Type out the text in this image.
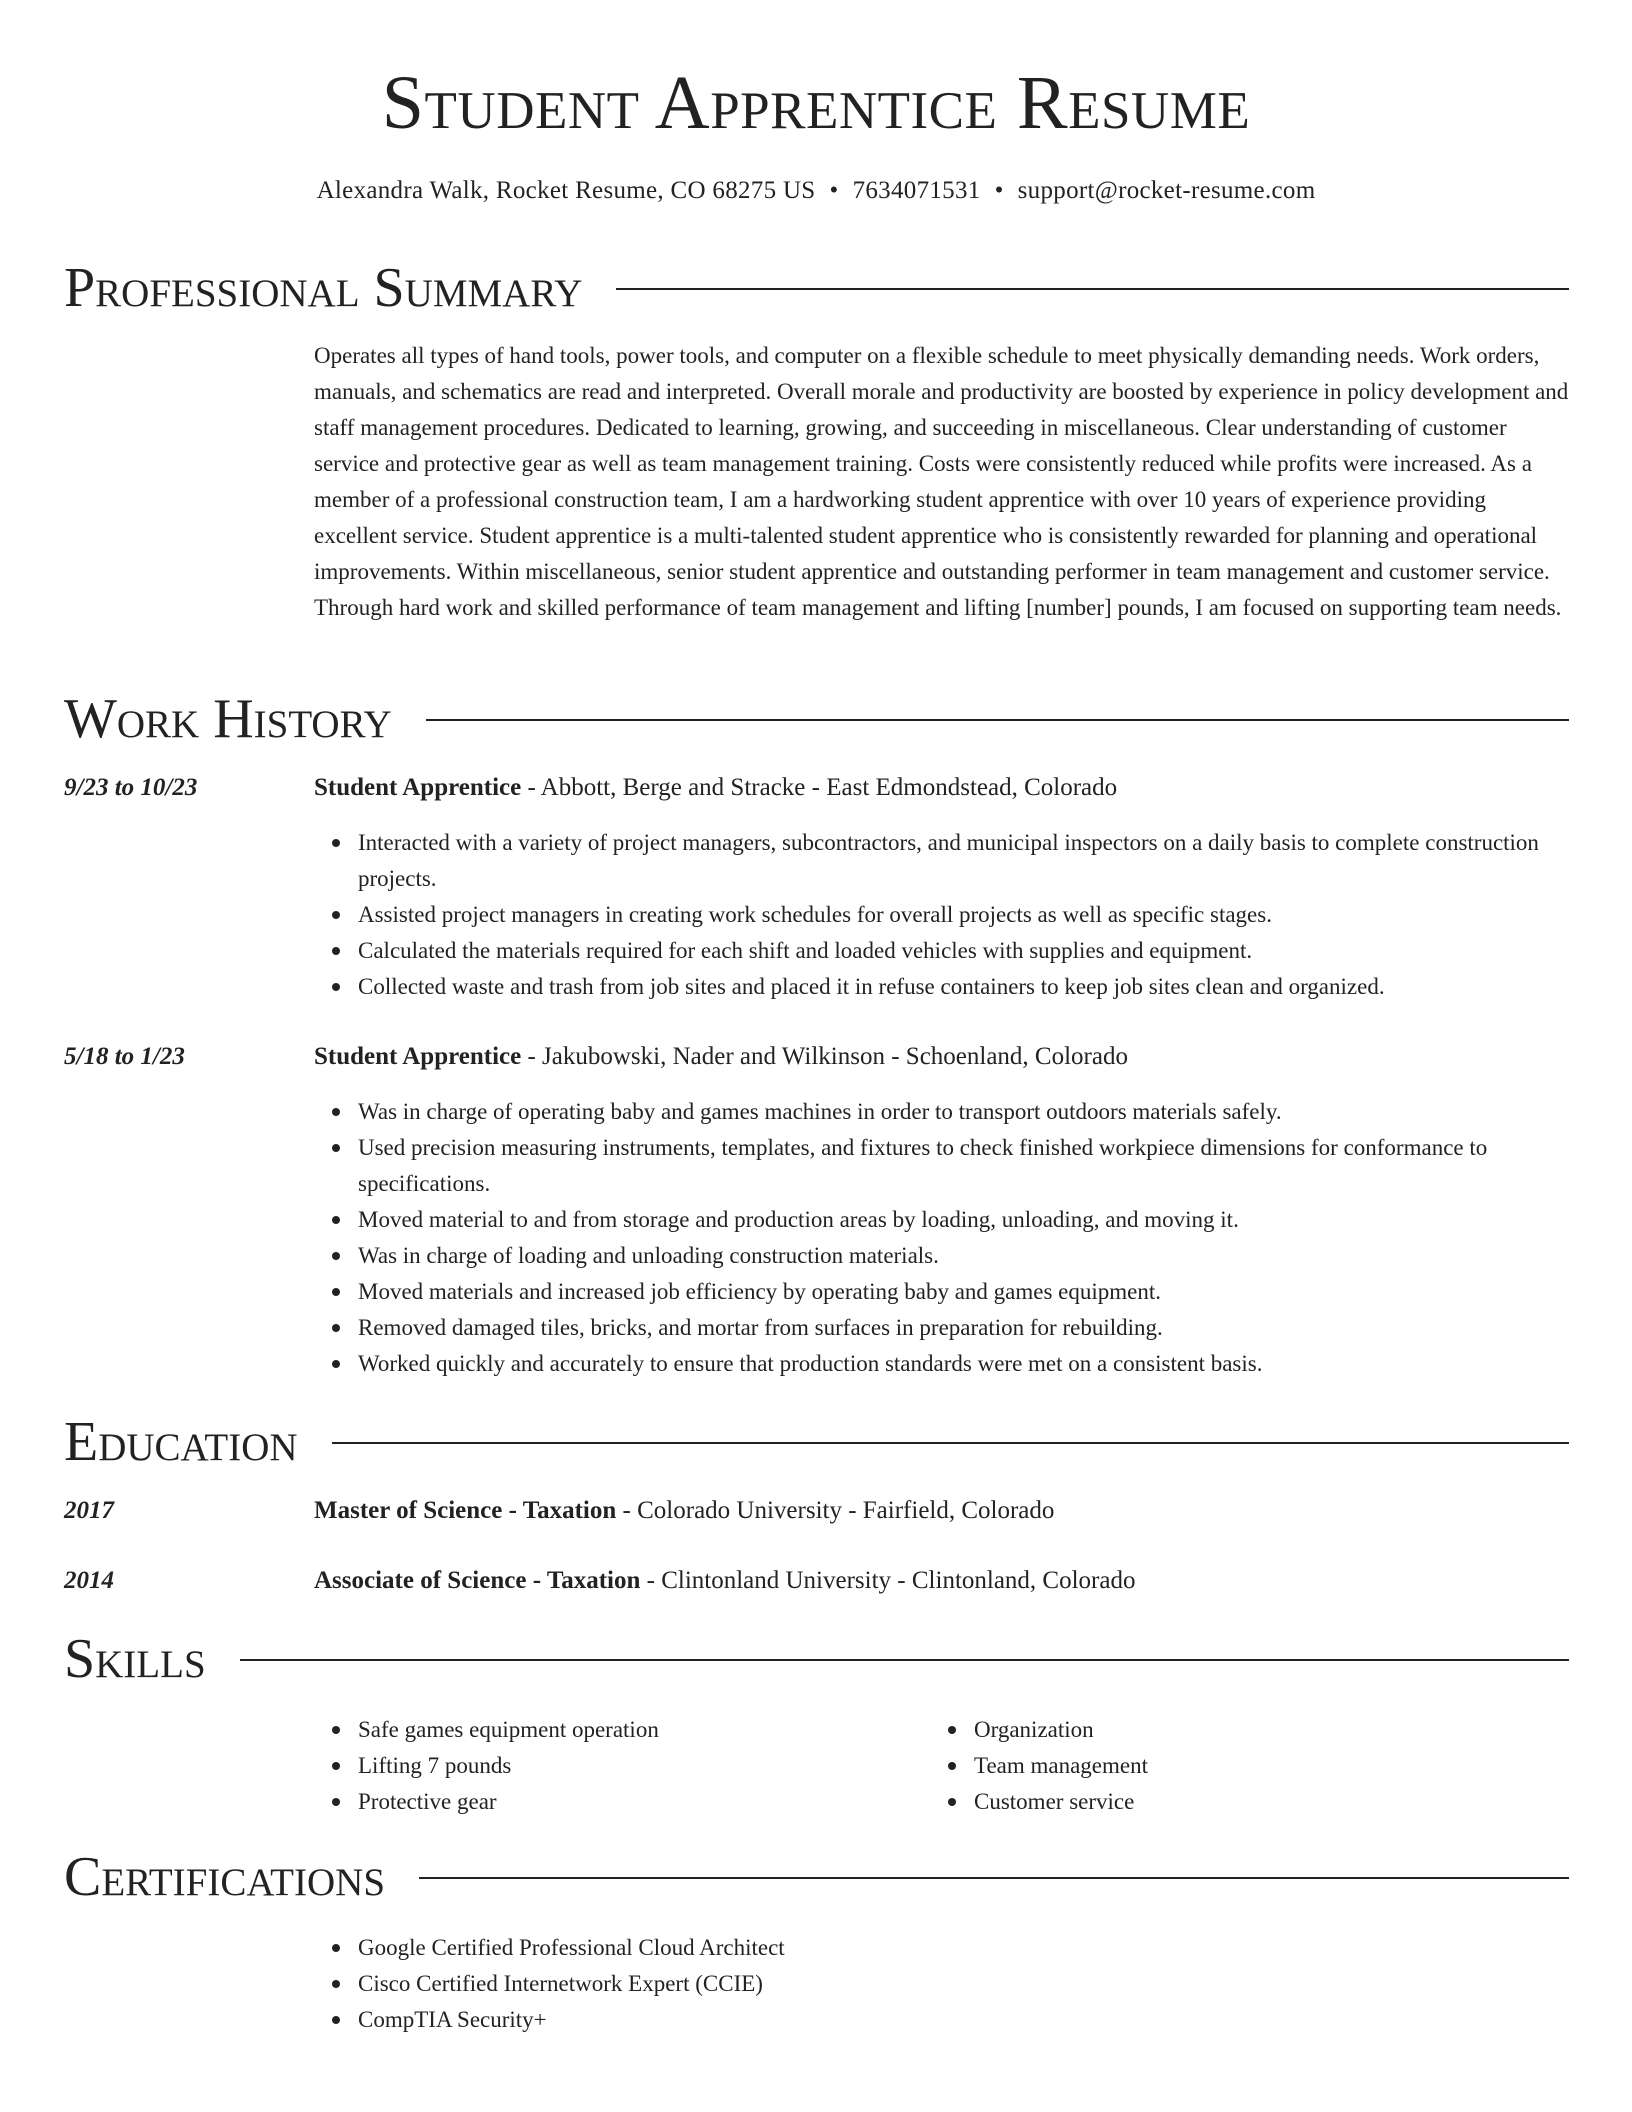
Student Apprentice Resume
Alexandra Walk, Rocket Resume, CO 68275 US • 7634071531 • support@rocket-resume.com
Professional Summary

Operates all types of hand tools, power tools, and computer on a flexible schedule to meet physically demanding needs. Work orders, manuals, and schematics are read and interpreted. Overall morale and productivity are boosted by experience in policy development and staff management procedures. Dedicated to learning, growing, and succeeding in miscellaneous. Clear understanding of customer service and protective gear as well as team management training. Costs were consistently reduced while profits were increased. As a member of a professional construction team, I am a hardworking student apprentice with over 10 years of experience providing excellent service. Student apprentice is a multi-talented student apprentice who is consistently rewarded for planning and operational improvements. Within miscellaneous, senior student apprentice and outstanding performer in team management and customer service. Through hard work and skilled performance of team management and lifting [number] pounds, I am focused on supporting team needs.

Work History
9/23 to 10/23	Student Apprentice - Abbott, Berge and Stracke - East Edmondstead, Colorado
Interacted with a variety of project managers, subcontractors, and municipal inspectors on a daily basis to complete construction projects.
Assisted project managers in creating work schedules for overall projects as well as specific stages.
Calculated the materials required for each shift and loaded vehicles with supplies and equipment.
Collected waste and trash from job sites and placed it in refuse containers to keep job sites clean and organized.
5/18 to 1/23	Student Apprentice - Jakubowski, Nader and Wilkinson - Schoenland, Colorado
Was in charge of operating baby and games machines in order to transport outdoors materials safely.
Used precision measuring instruments, templates, and fixtures to check finished workpiece dimensions for conformance to specifications.
Moved material to and from storage and production areas by loading, unloading, and moving it.
Was in charge of loading and unloading construction materials.
Moved materials and increased job efficiency by operating baby and games equipment.
Removed damaged tiles, bricks, and mortar from surfaces in preparation for rebuilding.
Worked quickly and accurately to ensure that production standards were met on a consistent basis.
Education
2017	Master of Science - Taxation - Colorado University - Fairfield, Colorado
2014	Associate of Science - Taxation - Clintonland University - Clintonland, Colorado
Skills
Safe games equipment operation
Lifting 7 pounds
Protective gear
Organization
Team management
Customer service
Certifications
Google Certified Professional Cloud Architect
Cisco Certified Internetwork Expert (CCIE)
CompTIA Security+
